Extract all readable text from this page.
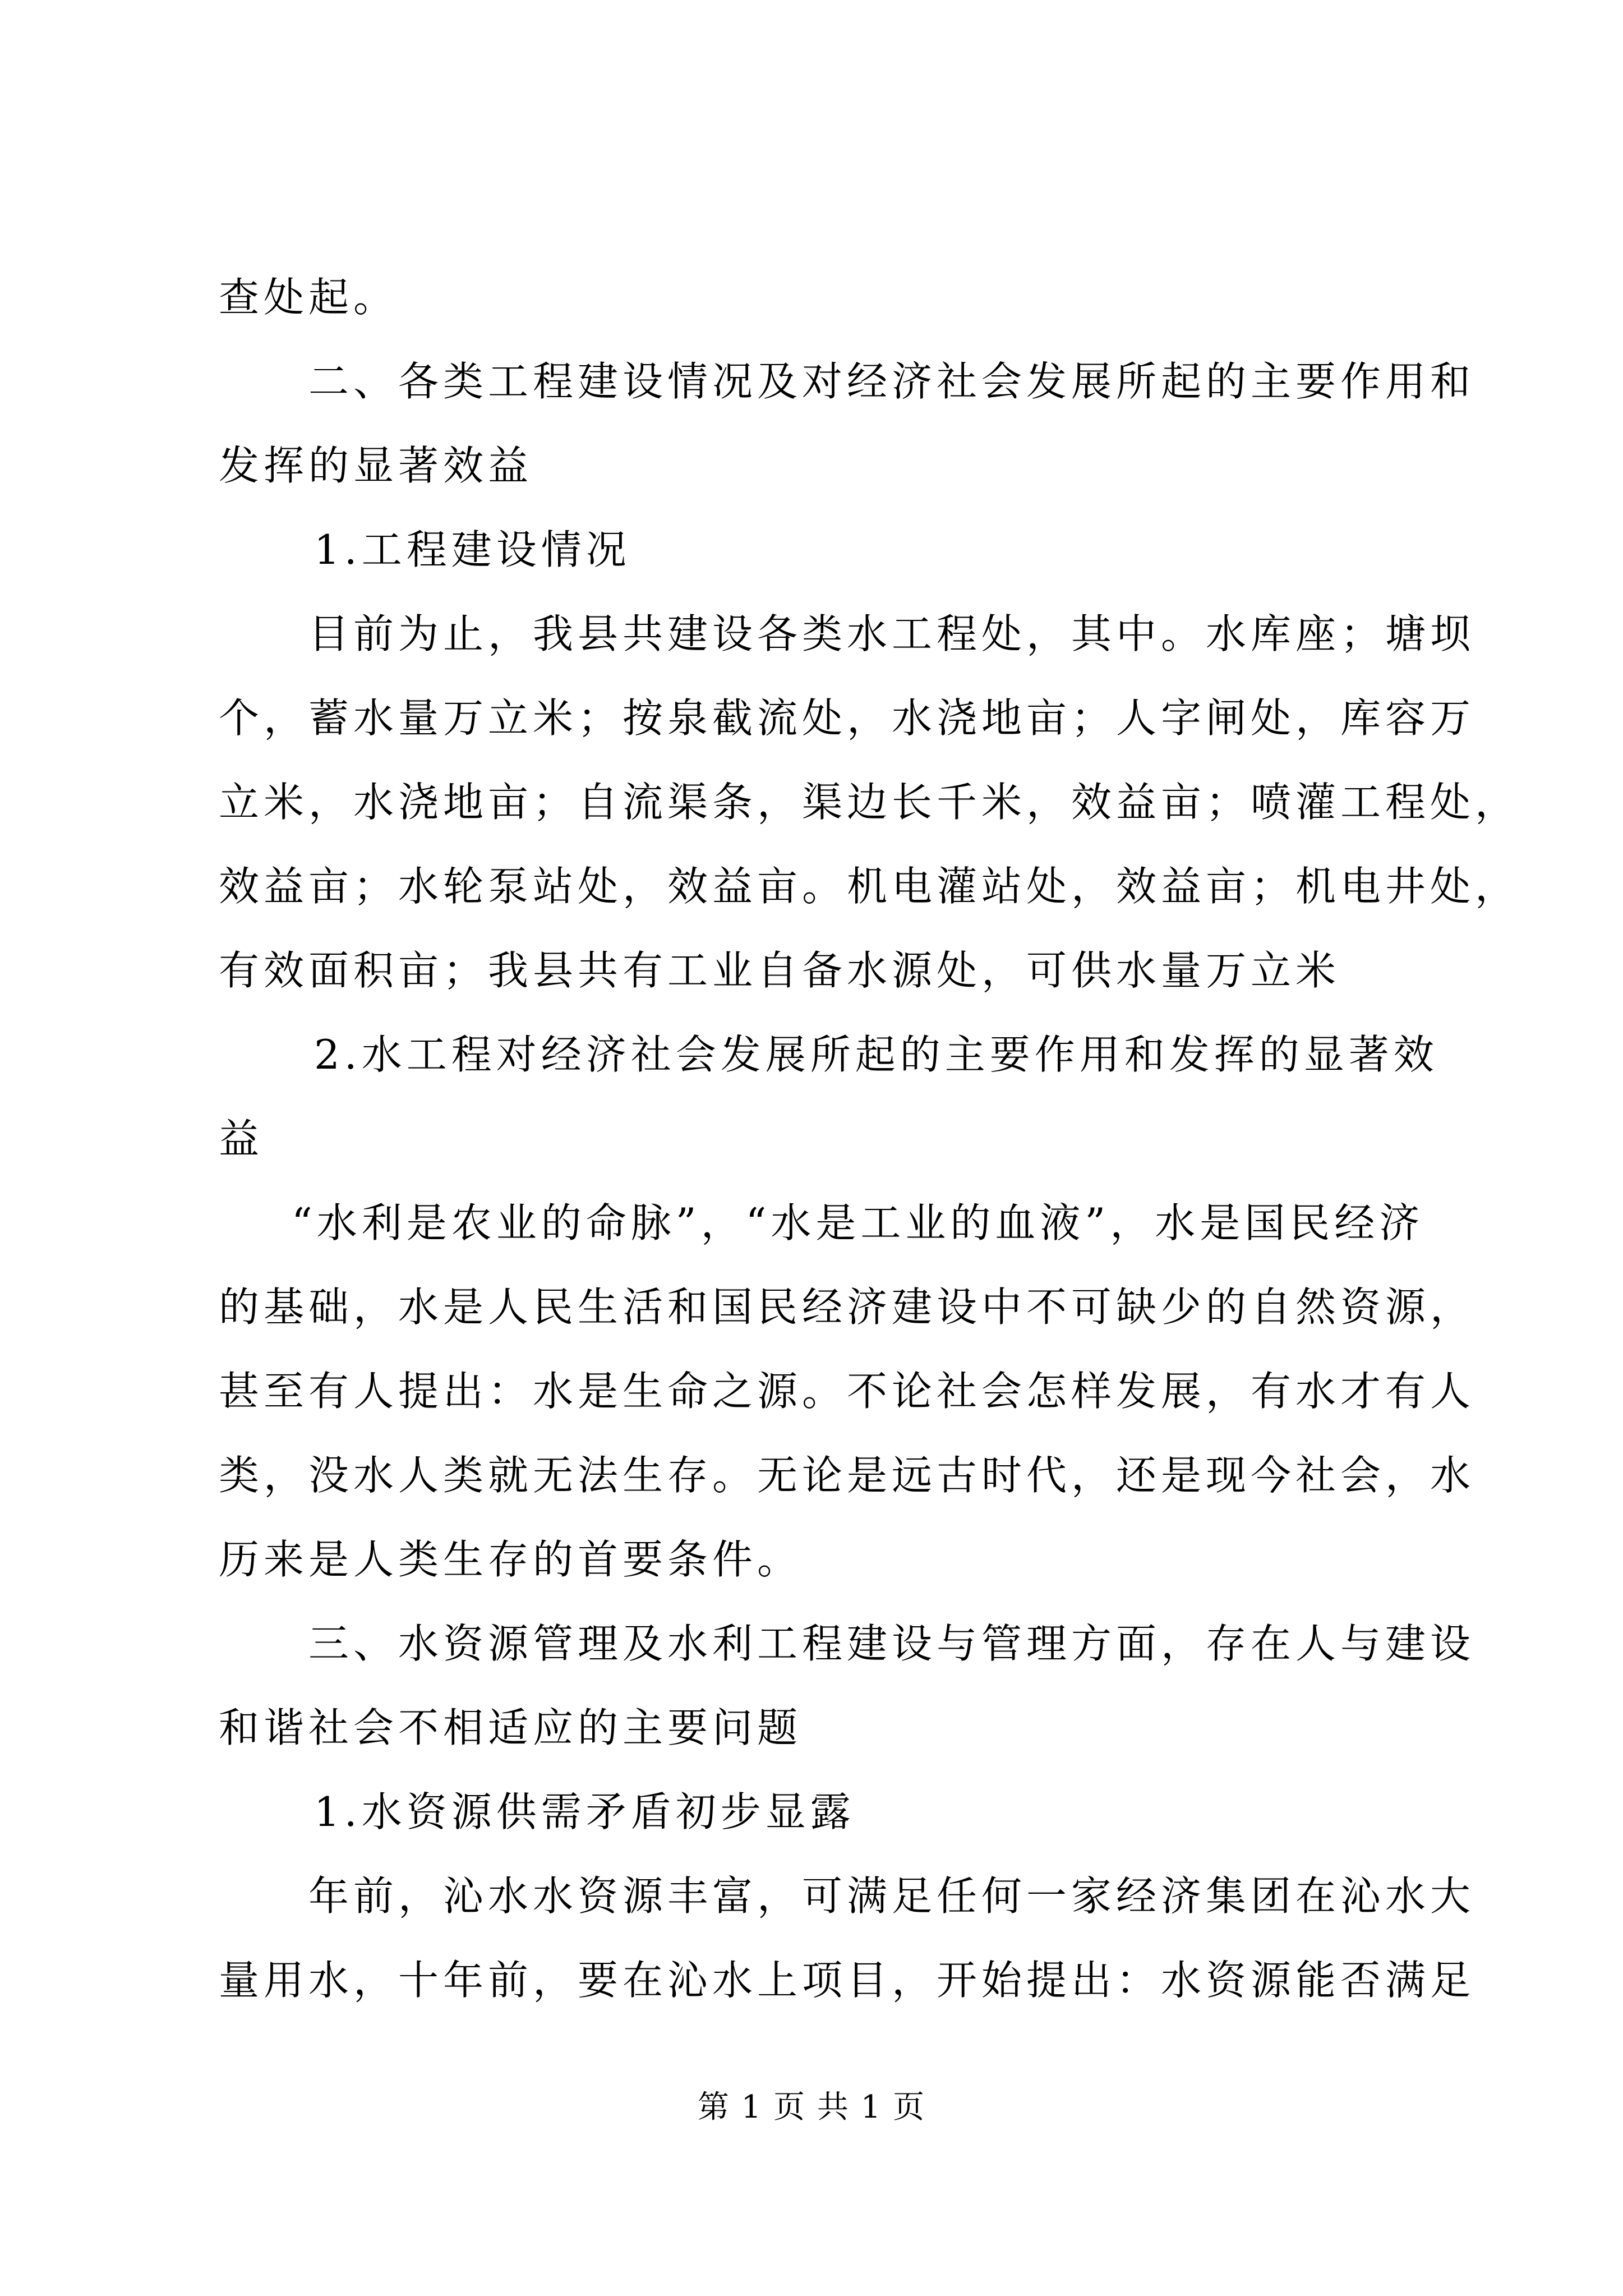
查处起。
二、各类工程建设情况及对经济社会发展所起的主要作用和
发挥的显著效益
1.工程建设情况
目前为止，我县共建设各类水工程处，其中。水库座；塘坝
个，蓄水量万立米；按泉截流处，水浇地亩；人字闸处，库容万
立米，水浇地亩；自流渠条，渠边长千米，效益亩；喷灌工程处，
效益亩；水轮泵站处，效益亩。机电灌站处，效益亩；机电井处，
有效面积亩；我县共有工业自备水源处，可供水量万立米
2.水工程对经济社会发展所起的主要作用和发挥的显著效
益
“水利是农业的命脉”，“水是工业的血液”，水是国民经济
的基础，水是人民生活和国民经济建设中不可缺少的自然资源，
甚至有人提出：水是生命之源。不论社会怎样发展，有水才有人
类，没水人类就无法生存。无论是远古时代，还是现今社会，水
历来是人类生存的首要条件。
三、水资源管理及水利工程建设与管理方面，存在人与建设
和谐社会不相适应的主要问题
1.水资源供需矛盾初步显露
年前，沁水水资源丰富，可满足任何一家经济集团在沁水大
量用水，十年前，要在沁水上项目，开始提出：水资源能否满足
第 1 页 共 1 页
